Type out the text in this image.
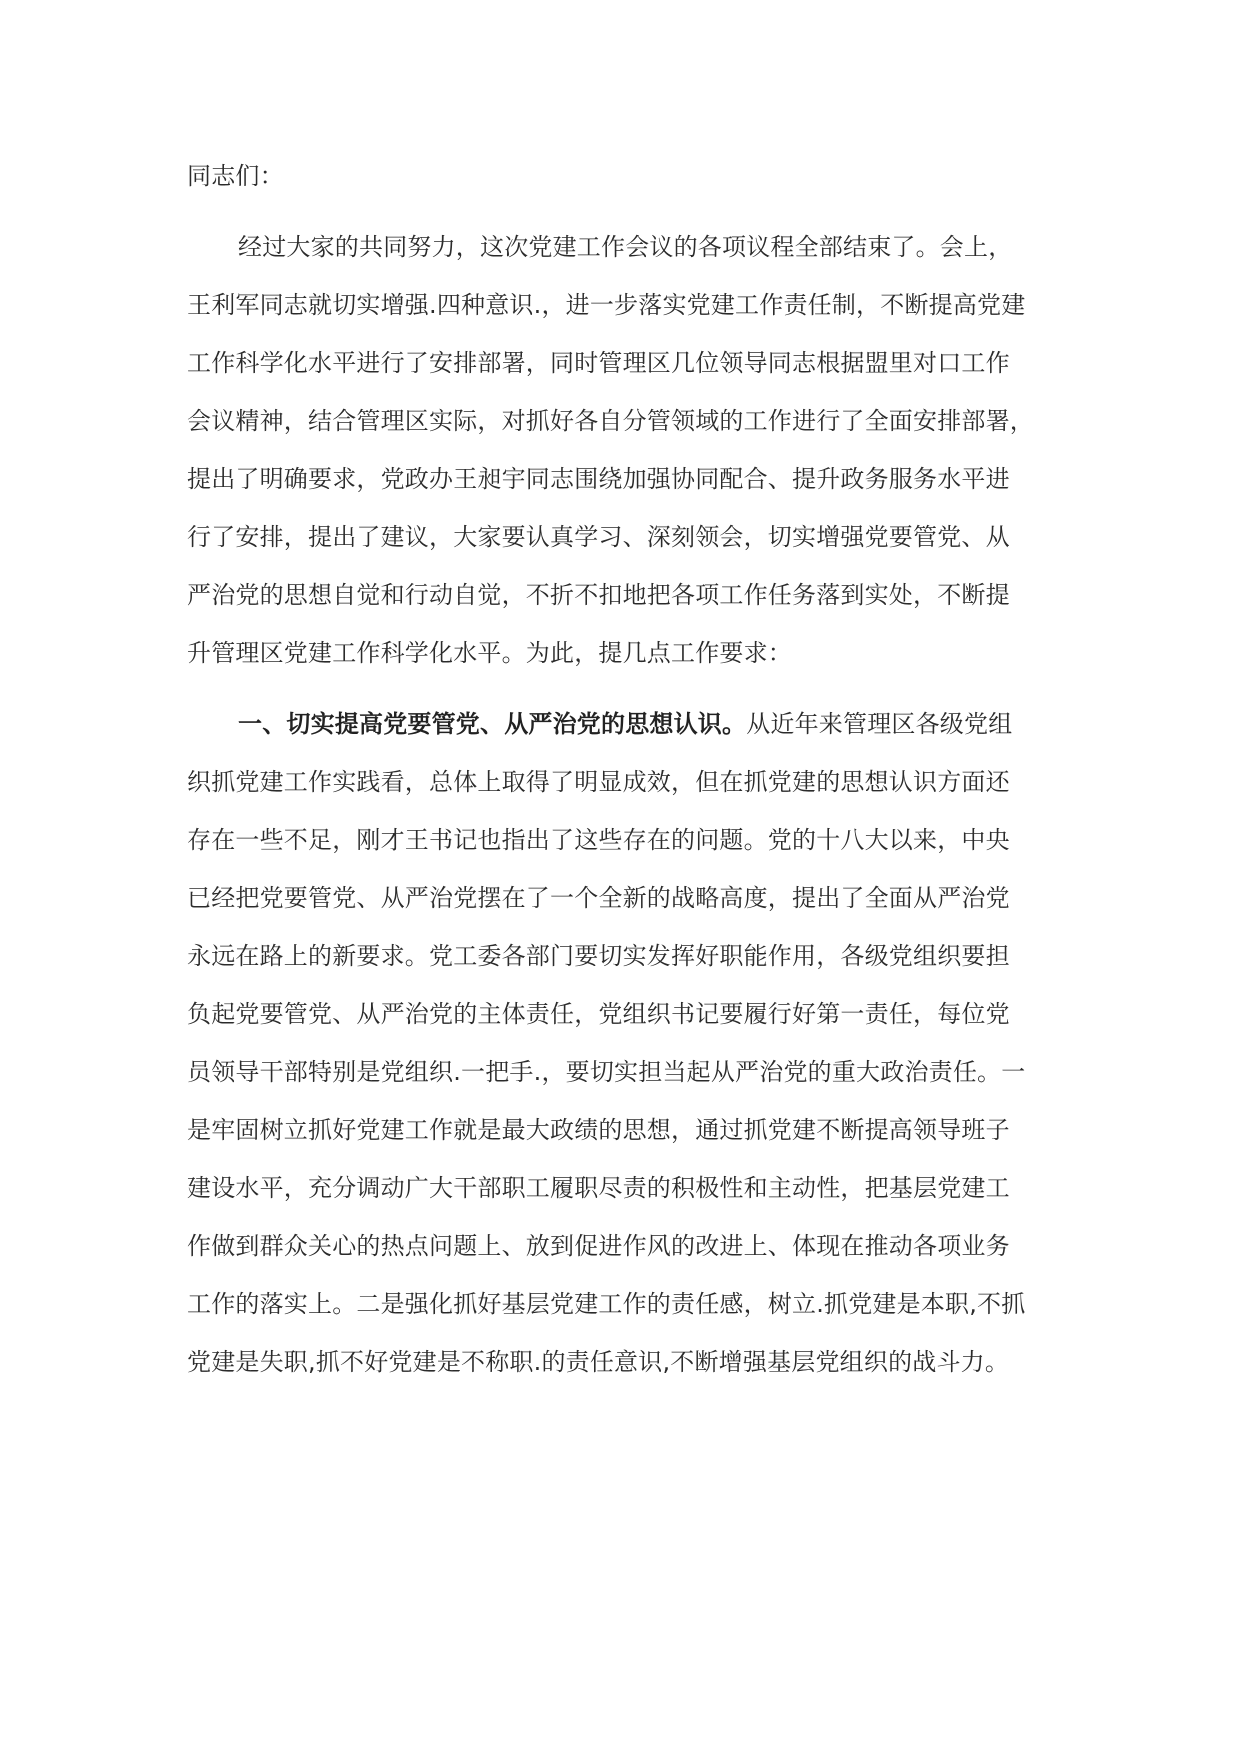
同志们：
经过大家的共同努力，这次党建工作会议的各项议程全部结束了。会上，
王利军同志就切实增强.四种意识.，进一步落实党建工作责任制，不断提高党建
工作科学化水平进行了安排部署，同时管理区几位领导同志根据盟里对口工作
会议精神，结合管理区实际，对抓好各自分管领域的工作进行了全面安排部署，
提出了明确要求，党政办王昶宇同志围绕加强协同配合、提升政务服务水平进
行了安排，提出了建议，大家要认真学习、深刻领会，切实增强党要管党、从
严治党的思想自觉和行动自觉，不折不扣地把各项工作任务落到实处，不断提
升管理区党建工作科学化水平。为此，提几点工作要求：
一、切实提高党要管党、从严治党的思想认识。从近年来管理区各级党组
织抓党建工作实践看，总体上取得了明显成效，但在抓党建的思想认识方面还
存在一些不足，刚才王书记也指出了这些存在的问题。党的十八大以来，中央
已经把党要管党、从严治党摆在了一个全新的战略高度，提出了全面从严治党
永远在路上的新要求。党工委各部门要切实发挥好职能作用，各级党组织要担
负起党要管党、从严治党的主体责任，党组织书记要履行好第一责任，每位党
员领导干部特别是党组织.一把手.，要切实担当起从严治党的重大政治责任。一
是牢固树立抓好党建工作就是最大政绩的思想，通过抓党建不断提高领导班子
建设水平，充分调动广大干部职工履职尽责的积极性和主动性，把基层党建工
作做到群众关心的热点问题上、放到促进作风的改进上、体现在推动各项业务
工作的落实上。二是强化抓好基层党建工作的责任感，树立.抓党建是本职,不抓
党建是失职,抓不好党建是不称职.的责任意识,不断增强基层党组织的战斗力。
